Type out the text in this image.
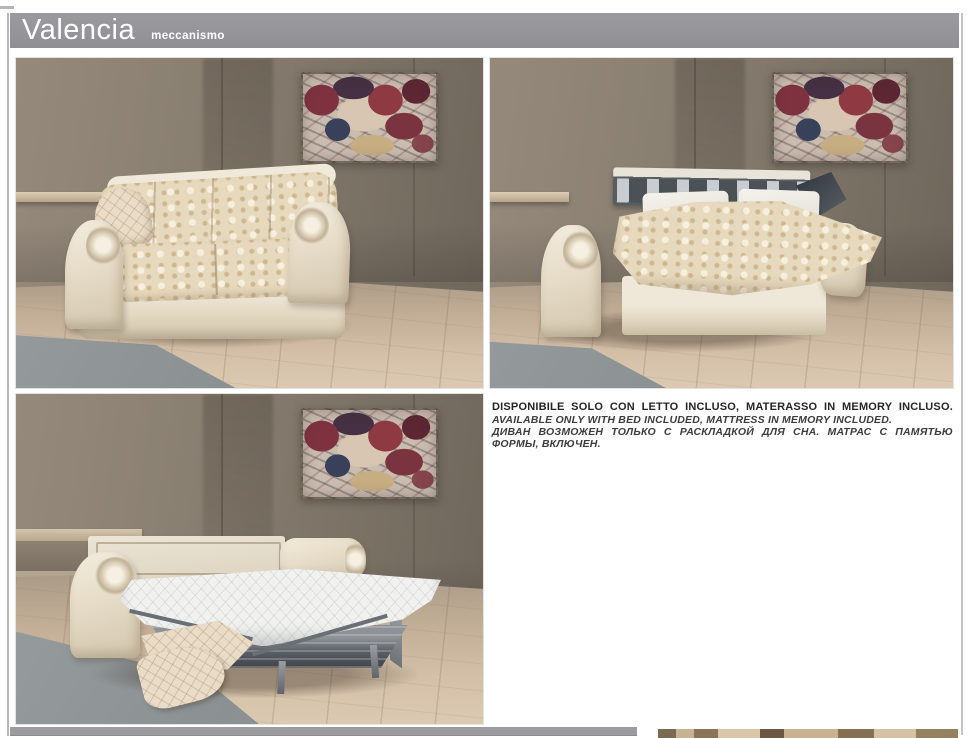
Valencia meccanismo

DISPONIBILE SOLO CON LETTO INCLUSO, MATERASSO IN MEMORY INCLUSO.

AVAILABLE ONLY WITH BED INCLUDED, MATTRESS IN MEMORY INCLUDED.

ДИВАН ВОЗМОЖЕН ТОЛЬКО С РАСКЛАДКОЙ ДЛЯ СНА. МАТРАС С ПАМЯТЬЮ ФОРМЫ, ВКЛЮЧЕН.
